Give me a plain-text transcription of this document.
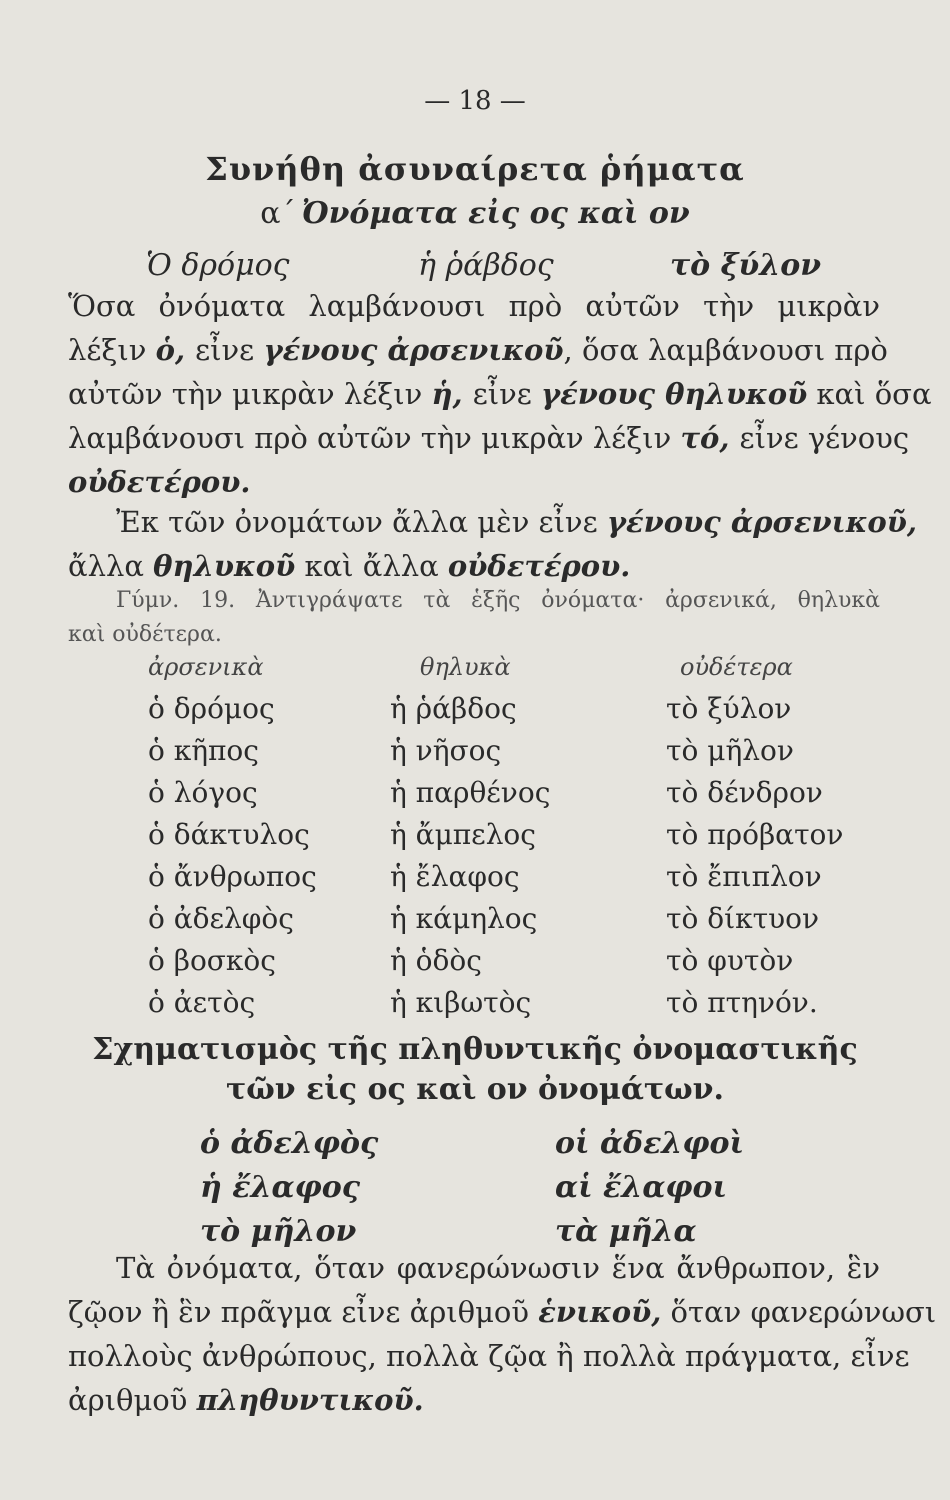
— 18 —
Συνήθη ἀσυναίρετα ῥήματα
α΄ Ὀνόματα εἰς ος καὶ ον
Ὁ δρόμος	ἡ ῥάβδος	τὸ ξύλον
Ὅσα ὀνόματα λαμβάνουσι πρὸ αὐτῶν τὴν μικρὰν
λέξιν ὁ, εἶνε γένους ἀρσενικοῦ, ὅσα λαμβάνουσι πρὸ
αὐτῶν τὴν μικρὰν λέξιν ἡ, εἶνε γένους θηλυκοῦ καὶ ὅσα
λαμβάνουσι πρὸ αὐτῶν τὴν μικρὰν λέξιν τό, εἶνε γένους
οὐδετέρου.
Ἐκ τῶν ὀνομάτων ἄλλα μὲν εἶνε γένους ἀρσενικοῦ,
ἄλλα θηλυκοῦ καὶ ἄλλα οὐδετέρου.
Γύμν. 19. Ἀντιγράψατε τὰ ἑξῆς ὀνόματα· ἀρσενικά, θηλυκὰ
καὶ οὐδέτερα.
ἀρσενικὰ
ὁ δρόμος
ὁ κῆπος
ὁ λόγος
ὁ δάκτυλος
ὁ ἄνθρωπος
ὁ ἀδελφὸς
ὁ βοσκὸς
ὁ ἀετὸς
θηλυκὰ
ἡ ῥάβδος
ἡ νῆσος
ἡ παρθένος
ἡ ἄμπελος
ἡ ἔλαφος
ἡ κάμηλος
ἡ ὁδὸς
ἡ κιβωτὸς
οὐδέτερα
τὸ ξύλον
τὸ μῆλον
τὸ δένδρον
τὸ πρόβατον
τὸ ἔπιπλον
τὸ δίκτυον
τὸ φυτὸν
τὸ πτηνόν.
Σχηματισμὸς τῆς πληθυντικῆς ὀνομαστικῆς
τῶν εἰς ος καὶ ον ὀνομάτων.
ὁ ἀδελφὸς
ἡ ἔλαφος
τὸ μῆλον
οἱ ἀδελφοὶ
αἱ ἔλαφοι
τὰ μῆλα
Τὰ ὀνόματα, ὅταν φανερώνωσιν ἕνα ἄνθρωπον, ἓν
ζῷον ἢ ἓν πρᾶγμα εἶνε ἀριθμοῦ ἑνικοῦ, ὅταν φανερώνωσι
πολλοὺς ἀνθρώπους, πολλὰ ζῷα ἢ πολλὰ πράγματα, εἶνε
ἀριθμοῦ πληθυντικοῦ.
